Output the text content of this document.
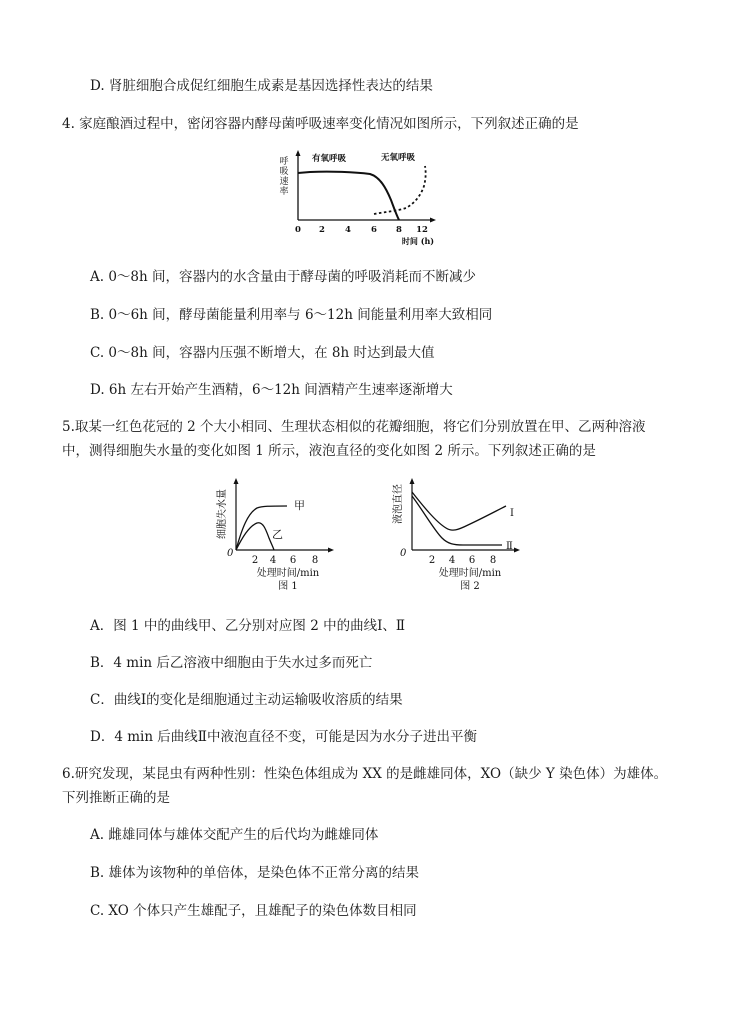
D. 肾脏细胞合成促红细胞生成素是基因选择性表达的结果
4. 家庭酿酒过程中，密闭容器内酵母菌呼吸速率变化情况如图所示，下列叙述正确的是
呼
吸
速
率
0 2 4 6 8 12
时间 (h)
有氧呼吸	无氧呼吸
A. 0～8h 间，容器内的水含量由于酵母菌的呼吸消耗而不断减少
B. 0～6h 间，酵母菌能量利用率与 6～12h 间能量利用率大致相同
C. 0～8h 间，容器内压强不断增大，在 8h 时达到最大值
D. 6h 左右开始产生酒精，6～12h 间酒精产生速率逐渐增大
5.取某一红色花冠的 2 个大小相同、生理状态相似的花瓣细胞，将它们分别放置在甲、乙两种溶液
中，测得细胞失水量的变化如图 1 所示，液泡直径的变化如图 2 所示。下列叙述正确的是
细胞失水量
0
2 4 6 8
处理时间/min
图 1
甲
乙
液泡直径
0
2 4 6 8
处理时间/min
图 2
Ⅰ
Ⅱ
A．图 1 中的曲线甲、乙分别对应图 2 中的曲线Ⅰ、Ⅱ
B．4 min 后乙溶液中细胞由于失水过多而死亡
C．曲线Ⅰ的变化是细胞通过主动运输吸收溶质的结果
D．4 min 后曲线Ⅱ中液泡直径不变，可能是因为水分子进出平衡
6.研究发现，某昆虫有两种性别：性染色体组成为 XX 的是雌雄同体，XO（缺少 Y 染色体）为雄体。
下列推断正确的是
A. 雌雄同体与雄体交配产生的后代均为雌雄同体
B. 雄体为该物种的单倍体，是染色体不正常分离的结果
C. XO 个体只产生雄配子，且雄配子的染色体数目相同
